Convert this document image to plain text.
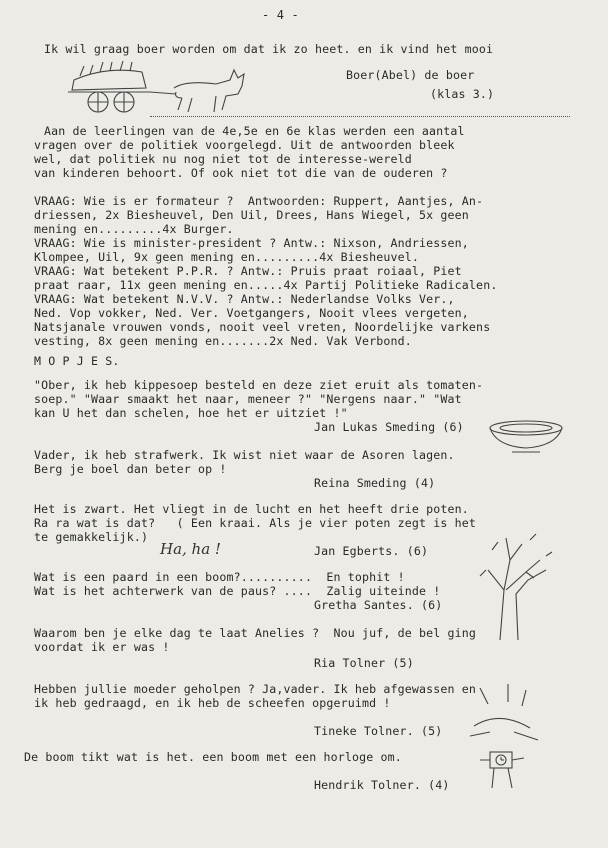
- 4 -
Ik wil graag boer worden om dat ik zo heet. en ik vind het mooi
Boer(Abel) de boer
(klas 3.)
Aan de leerlingen van de 4e,5e en 6e klas werden een aantal
vragen over de politiek voorgelegd. Uit de antwoorden bleek
wel, dat politiek nu nog niet tot de interesse-wereld
van kinderen behoort. Of ook niet tot die van de ouderen ?
VRAAG: Wie is er formateur ?  Antwoorden: Ruppert, Aantjes, An-
driessen, 2x Biesheuvel, Den Uil, Drees, Hans Wiegel, 5x geen
mening en.........4x Burger.
VRAAG: Wie is minister-president ? Antw.: Nixson, Andriessen,
Klompee, Uil, 9x geen mening en.........4x Biesheuvel.
VRAAG: Wat betekent P.P.R. ? Antw.: Pruis praat roiaal, Piet
praat raar, 11x geen mening en.....4x Partij Politieke Radicalen.
VRAAG: Wat betekent N.V.V. ? Antw.: Nederlandse Volks Ver.,
Ned. Vop vokker, Ned. Ver. Voetgangers, Nooit vlees vergeten,
Natsjanale vrouwen vonds, nooit veel vreten, Noordelijke varkens
vesting, 8x geen mening en.......2x Ned. Vak Verbond.
M O P J E S.
"Ober, ik heb kippesoep besteld en deze ziet eruit als tomaten-
soep." "Waar smaakt het naar, meneer ?" "Nergens naar." "Wat
kan U het dan schelen, hoe het er uitziet !"
Jan Lukas Smeding (6)
Vader, ik heb strafwerk. Ik wist niet waar de Asoren lagen.
Berg je boel dan beter op !
Reina Smeding (4)
Het is zwart. Het vliegt in de lucht en het heeft drie poten.
Ra ra wat is dat?   ( Een kraai. Als je vier poten zegt is het
te gemakkelijk.)
Ha, ha !	Jan Egberts. (6)
Wat is een paard in een boom?..........  En tophit !
Wat is het achterwerk van de paus? ....  Zalig uiteinde !
Gretha Santes. (6)
Waarom ben je elke dag te laat Anelies ?  Nou juf, de bel ging
voordat ik er was !
Ria Tolner (5)
Hebben jullie moeder geholpen ? Ja,vader. Ik heb afgewassen en
ik heb gedraagd, en ik heb de scheefen opgeruimd !
Tineke Tolner. (5)
De boom tikt wat is het. een boom met een horloge om.
Hendrik Tolner. (4)
